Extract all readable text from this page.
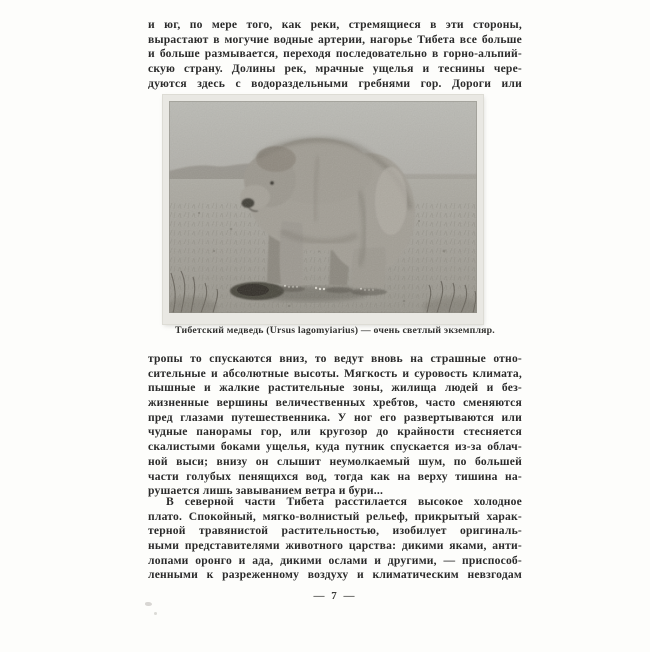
и юг, по мере того, как реки, стремящиеся в эти стороны,
вырастают в могучие водные артерии, нагорье Тибета все больше
и больше размывается, переходя последовательно в горно-альпий-
скую страну. Долины рек, мрачные ущелья и теснины чере-
дуются здесь с водораздельными гребнями гор. Дороги или
Тибетский медведь (Ursus lagomyiarius) — очень светлый экземпляр.
тропы то спускаются вниз, то ведут вновь на страшные отно-
сительные и абсолютные высоты. Мягкость и суровость климата,
пышные и жалкие растительные зоны, жилища людей и без-
жизненные вершины величественных хребтов, часто сменяются
пред глазами путешественника. У ног его развертываются или
чудные панорамы гор, или кругозор до крайности стесняется
скалистыми боками ущелья, куда путник спускается из-за облач-
ной выси; внизу он слышит неумолкаемый шум, по большей
части голубых пенящихся вод, тогда как на верху тишина на-
рушается лишь завыванием ветра и бури...
В северной части Тибета расстилается высокое холодное
плато. Спокойный, мягко-волнистый рельеф, прикрытый харак-
терной травянистой растительностью, изобилует оригиналь-
ными представителями животного царства: дикими яками, анти-
лопами оронго и ада, дикими ослами и другими, — приспособ-
ленными к разреженному воздуху и климатическим невзгодам
— 7 —
